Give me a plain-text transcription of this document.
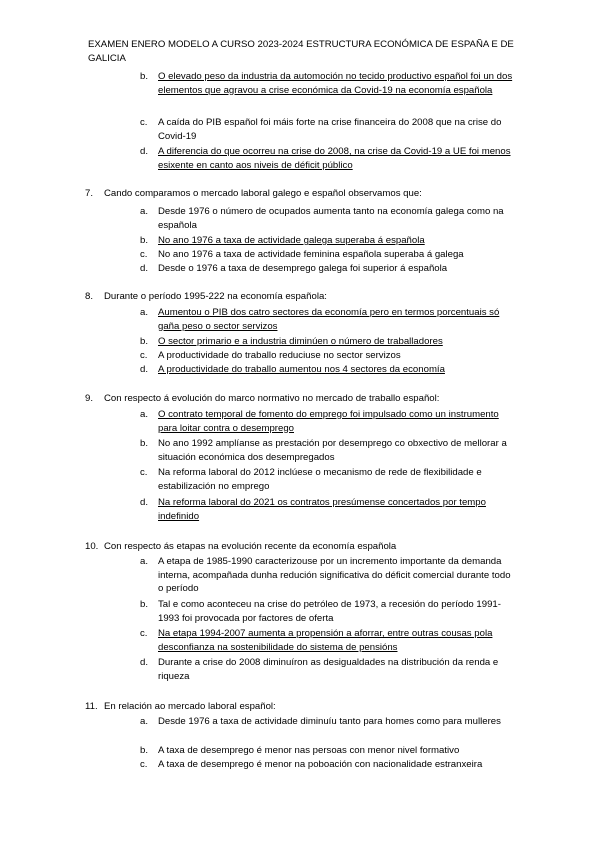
EXAMEN ENERO MODELO A CURSO 2023-2024 ESTRUCTURA ECONÓMICA DE ESPAÑA E DE GALICIA
b. O elevado peso da industria da automoción no tecido productivo español foi un dos elementos que agravou a crise económica da Covid-19 na economía española
c. A caída do PIB español foi máis forte na crise financeira do 2008 que na crise do Covid-19
d. A diferencia do que ocorreu na crise do 2008, na crise da Covid-19 a UE foi menos esixente en canto aos niveis de déficit público
7. Cando comparamos o mercado laboral galego e español observamos que:
a. Desde 1976 o número de ocupados aumenta tanto na economía galega como na española
b. No ano 1976 a taxa de actividade galega superaba á española
c. No ano 1976 a taxa de actividade feminina española superaba á galega
d. Desde o 1976 a taxa de desemprego galega foi superior á española
8. Durante o período 1995-222 na economía española:
a. Aumentou o PIB dos catro sectores da economía pero en termos porcentuais só gaña peso o sector servizos
b. O sector primario e a industria diminúen o número de traballadores
c. A productividade do traballo reduciuse no sector servizos
d. A productividade do traballo aumentou nos 4 sectores da economía
9. Con respecto á evolución do marco normativo no mercado de traballo español:
a. O contrato temporal de fomento do emprego foi impulsado como un instrumento para loitar contra o desemprego
b. No ano 1992 amplíanse as prestación por desemprego co obxectivo de mellorar a situación económica dos desempregados
c. Na reforma laboral do 2012 inclúese o mecanismo de rede de flexibilidade e estabilización no emprego
d. Na reforma laboral do 2021 os contratos presúmense concertados por tempo indefinido
10. Con respecto ás etapas na evolución recente da economía española
a. A etapa de 1985-1990 caracterizouse por un incremento importante da demanda interna, acompañada dunha redución significativa do déficit comercial durante todo o período
b. Tal e como aconteceu na crise do petróleo de 1973, a recesión do período 1991-1993 foi provocada por factores de oferta
c. Na etapa 1994-2007 aumenta a propensión a aforrar, entre outras cousas pola desconfianza na sostenibilidade do sistema de pensións
d. Durante a crise do 2008 diminuíron as desigualdades na distribución da renda e riqueza
11. En relación ao mercado laboral español:
a. Desde 1976 a taxa de actividade diminuíu tanto para homes como para mulleres
b. A taxa de desemprego é menor nas persoas con menor nivel formativo
c. A taxa de desemprego é menor na poboación con nacionalidade estranxeira
